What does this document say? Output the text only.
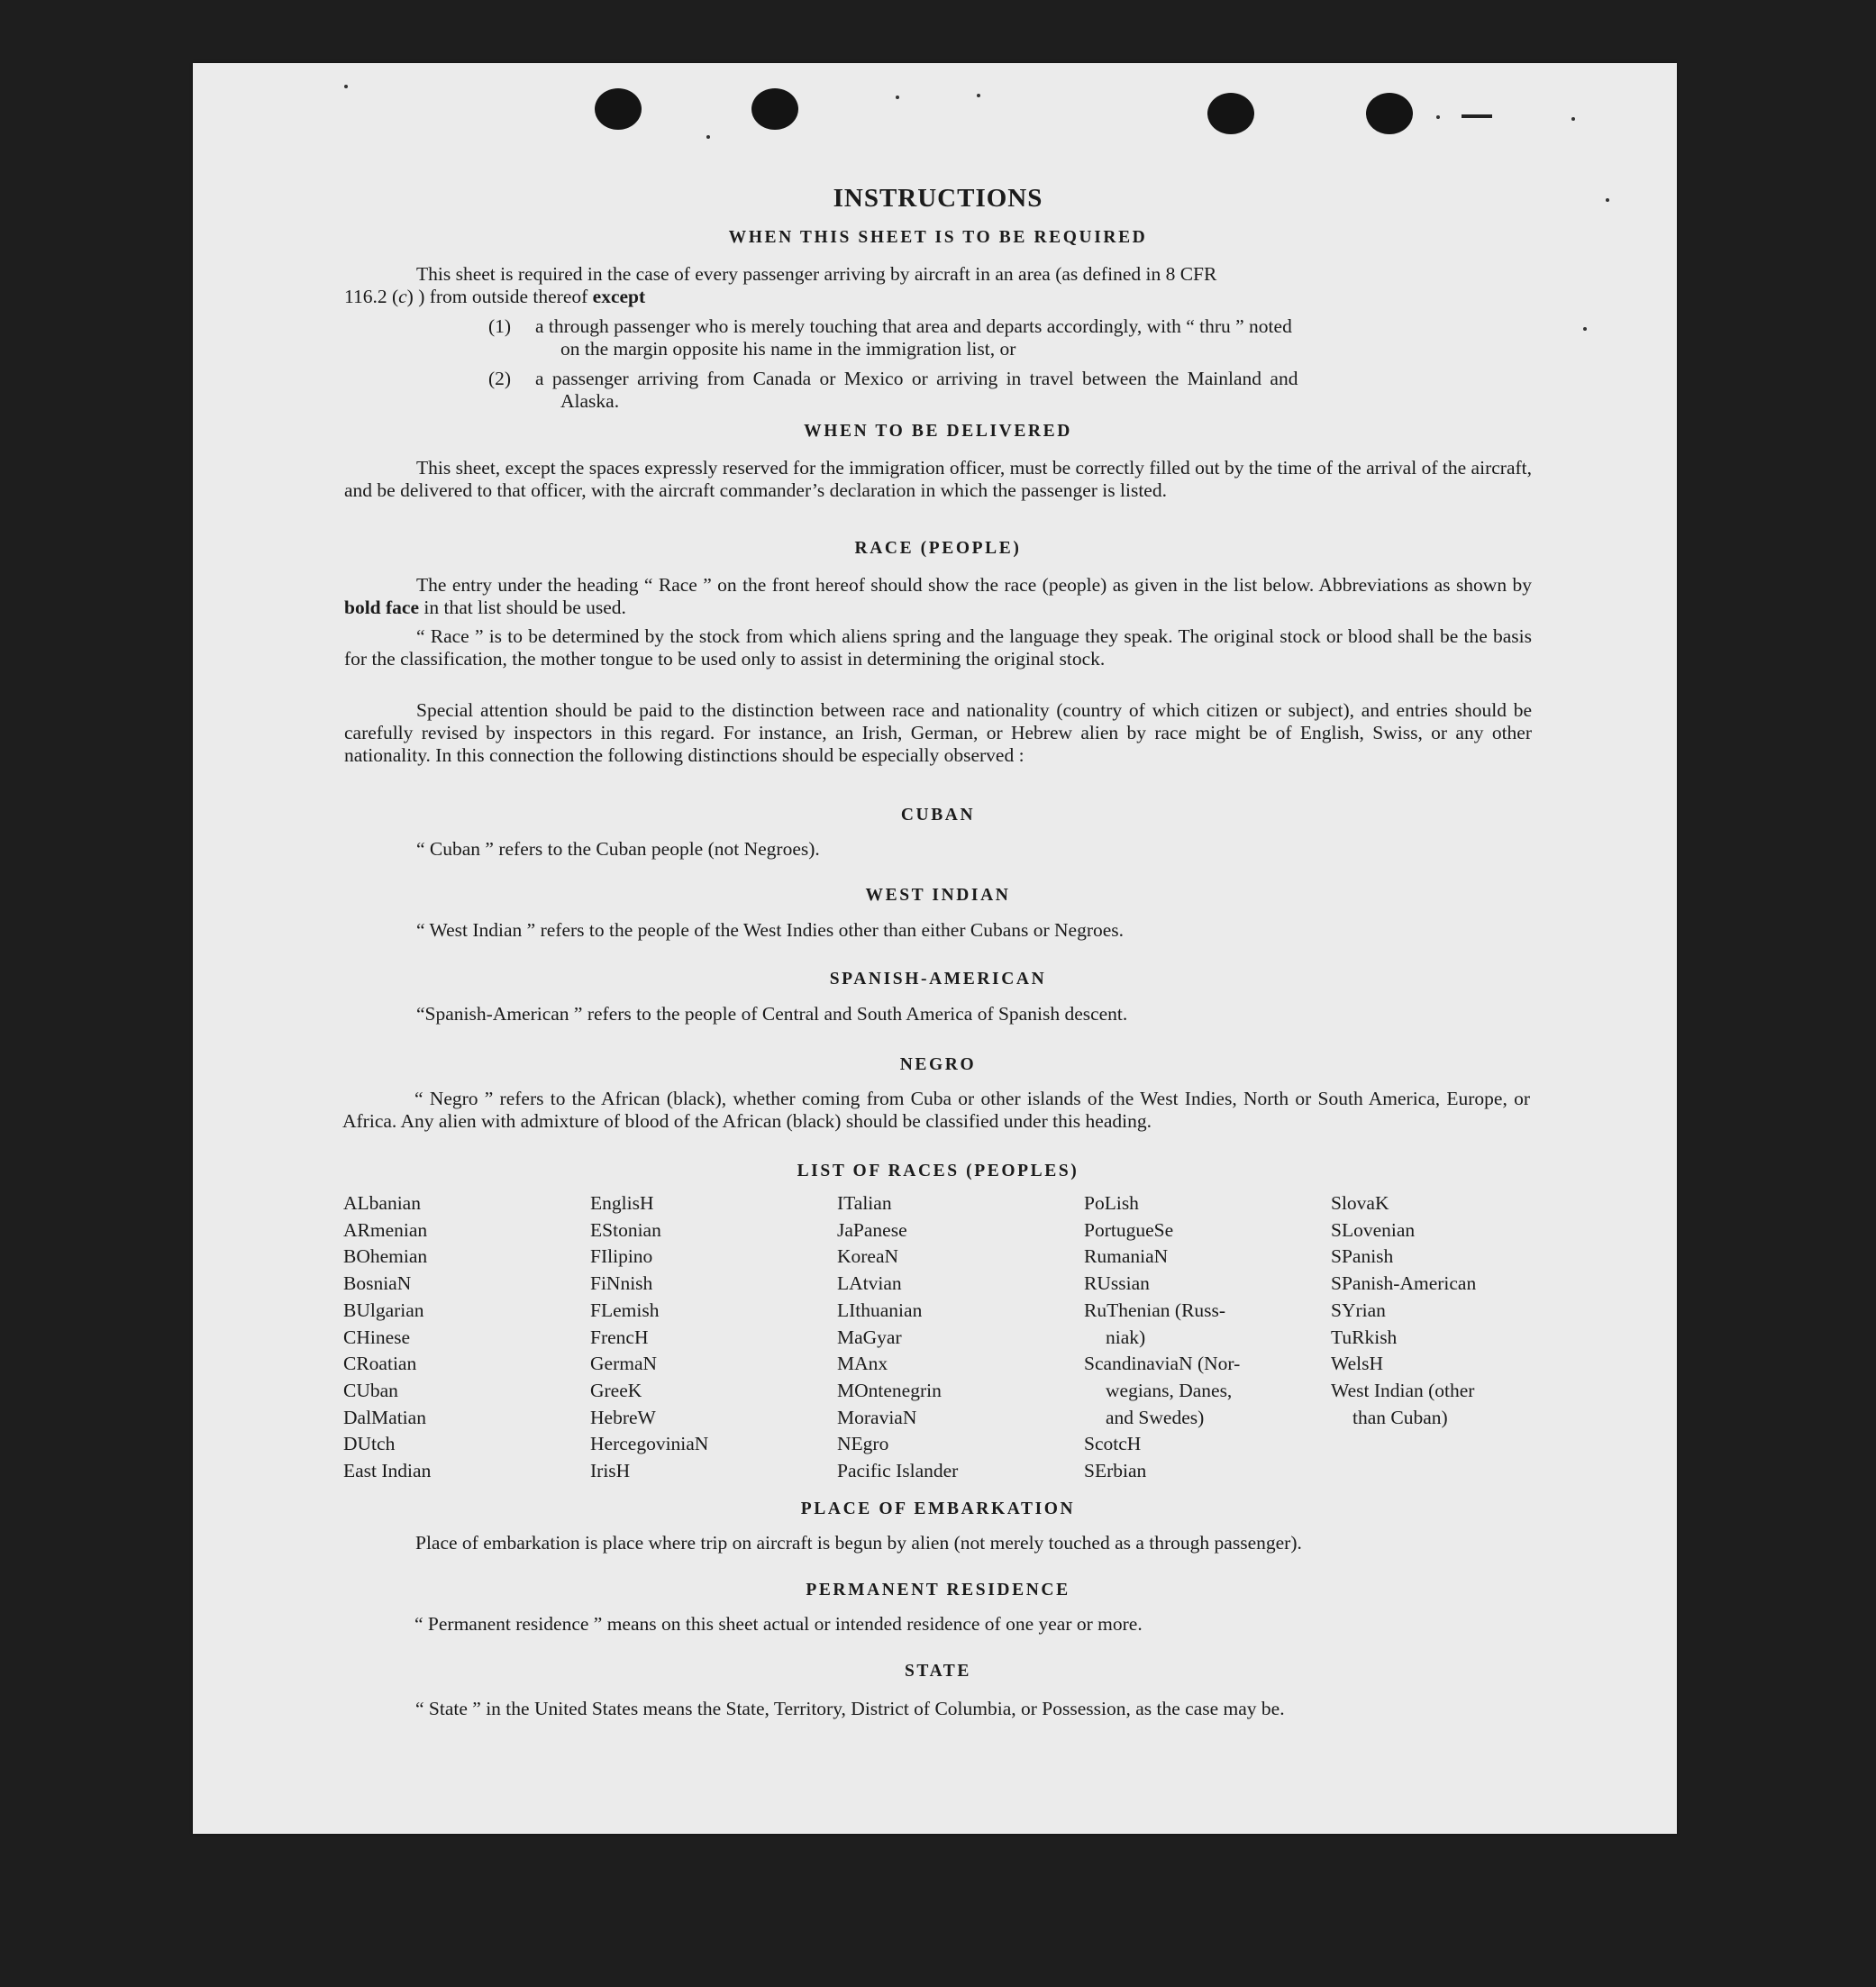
INSTRUCTIONS
WHEN THIS SHEET IS TO BE REQUIRED

This sheet is required in the case of every passenger arriving by aircraft in an area (as defined in 8 CFR

116.2 (c) ) from outside thereof except

(1) a through passenger who is merely touching that area and departs accordingly, with “ thru ” noted
on the margin opposite his name in the immigration list, or
(2) a passenger arriving from Canada or Mexico or arriving in travel between the Mainland and
Alaska.
WHEN TO BE DELIVERED

This sheet, except the spaces expressly reserved for the immigration officer, must be correctly filled out by the time of the arrival of the aircraft, and be delivered to that officer, with the aircraft commander’s declaration in which the passenger is listed.

RACE (PEOPLE)

The entry under the heading “ Race ” on the front hereof should show the race (people) as given in the list below. Abbreviations as shown by bold face in that list should be used.

“ Race ” is to be determined by the stock from which aliens spring and the language they speak. The original stock or blood shall be the basis for the classification, the mother tongue to be used only to assist in determining the original stock.

Special attention should be paid to the distinction between race and nationality (country of which citizen or subject), and entries should be carefully revised by inspectors in this regard. For instance, an Irish, German, or Hebrew alien by race might be of English, Swiss, or any other nationality. In this connection the following distinctions should be especially observed :

CUBAN

“ Cuban ” refers to the Cuban people (not Negroes).

WEST INDIAN

“ West Indian ” refers to the people of the West Indies other than either Cubans or Negroes.

SPANISH-AMERICAN

“Spanish-American ” refers to the people of Central and South America of Spanish descent.

NEGRO

“ Negro ” refers to the African (black), whether coming from Cuba or other islands of the West Indies, North or South America, Europe, or Africa. Any alien with admixture of blood of the African (black) should be classified under this heading.

LIST OF RACES (PEOPLES)
ALbanian
ARmenian
BOhemian
BosniaN
BUlgarian
CHinese
CRoatian
CUban
DalMatian
DUtch
East Indian
EnglisH
EStonian
FIlipino
FiNnish
FLemish
FrencH
GermaN
GreeK
HebreW
HercegoviniaN
IrisH
ITalian
JaPanese
KoreaN
LAtvian
LIthuanian
MaGyar
MAnx
MOntenegrin
MoraviaN
NEgro
Pacific Islander
PoLish
PortugueSe
RumaniaN
RUssian
RuThenian (Russ-
niak)
ScandinaviaN (Nor-
wegians, Danes,
and Swedes)
ScotcH
SErbian
SlovaK
SLovenian
SPanish
SPanish-American
SYrian
TuRkish
WelsH
West Indian (other
than Cuban)
PLACE OF EMBARKATION

Place of embarkation is place where trip on aircraft is begun by alien (not merely touched as a through passenger).

PERMANENT RESIDENCE

“ Permanent residence ” means on this sheet actual or intended residence of one year or more.

STATE

“ State ” in the United States means the State, Territory, District of Columbia, or Possession, as the case may be.
